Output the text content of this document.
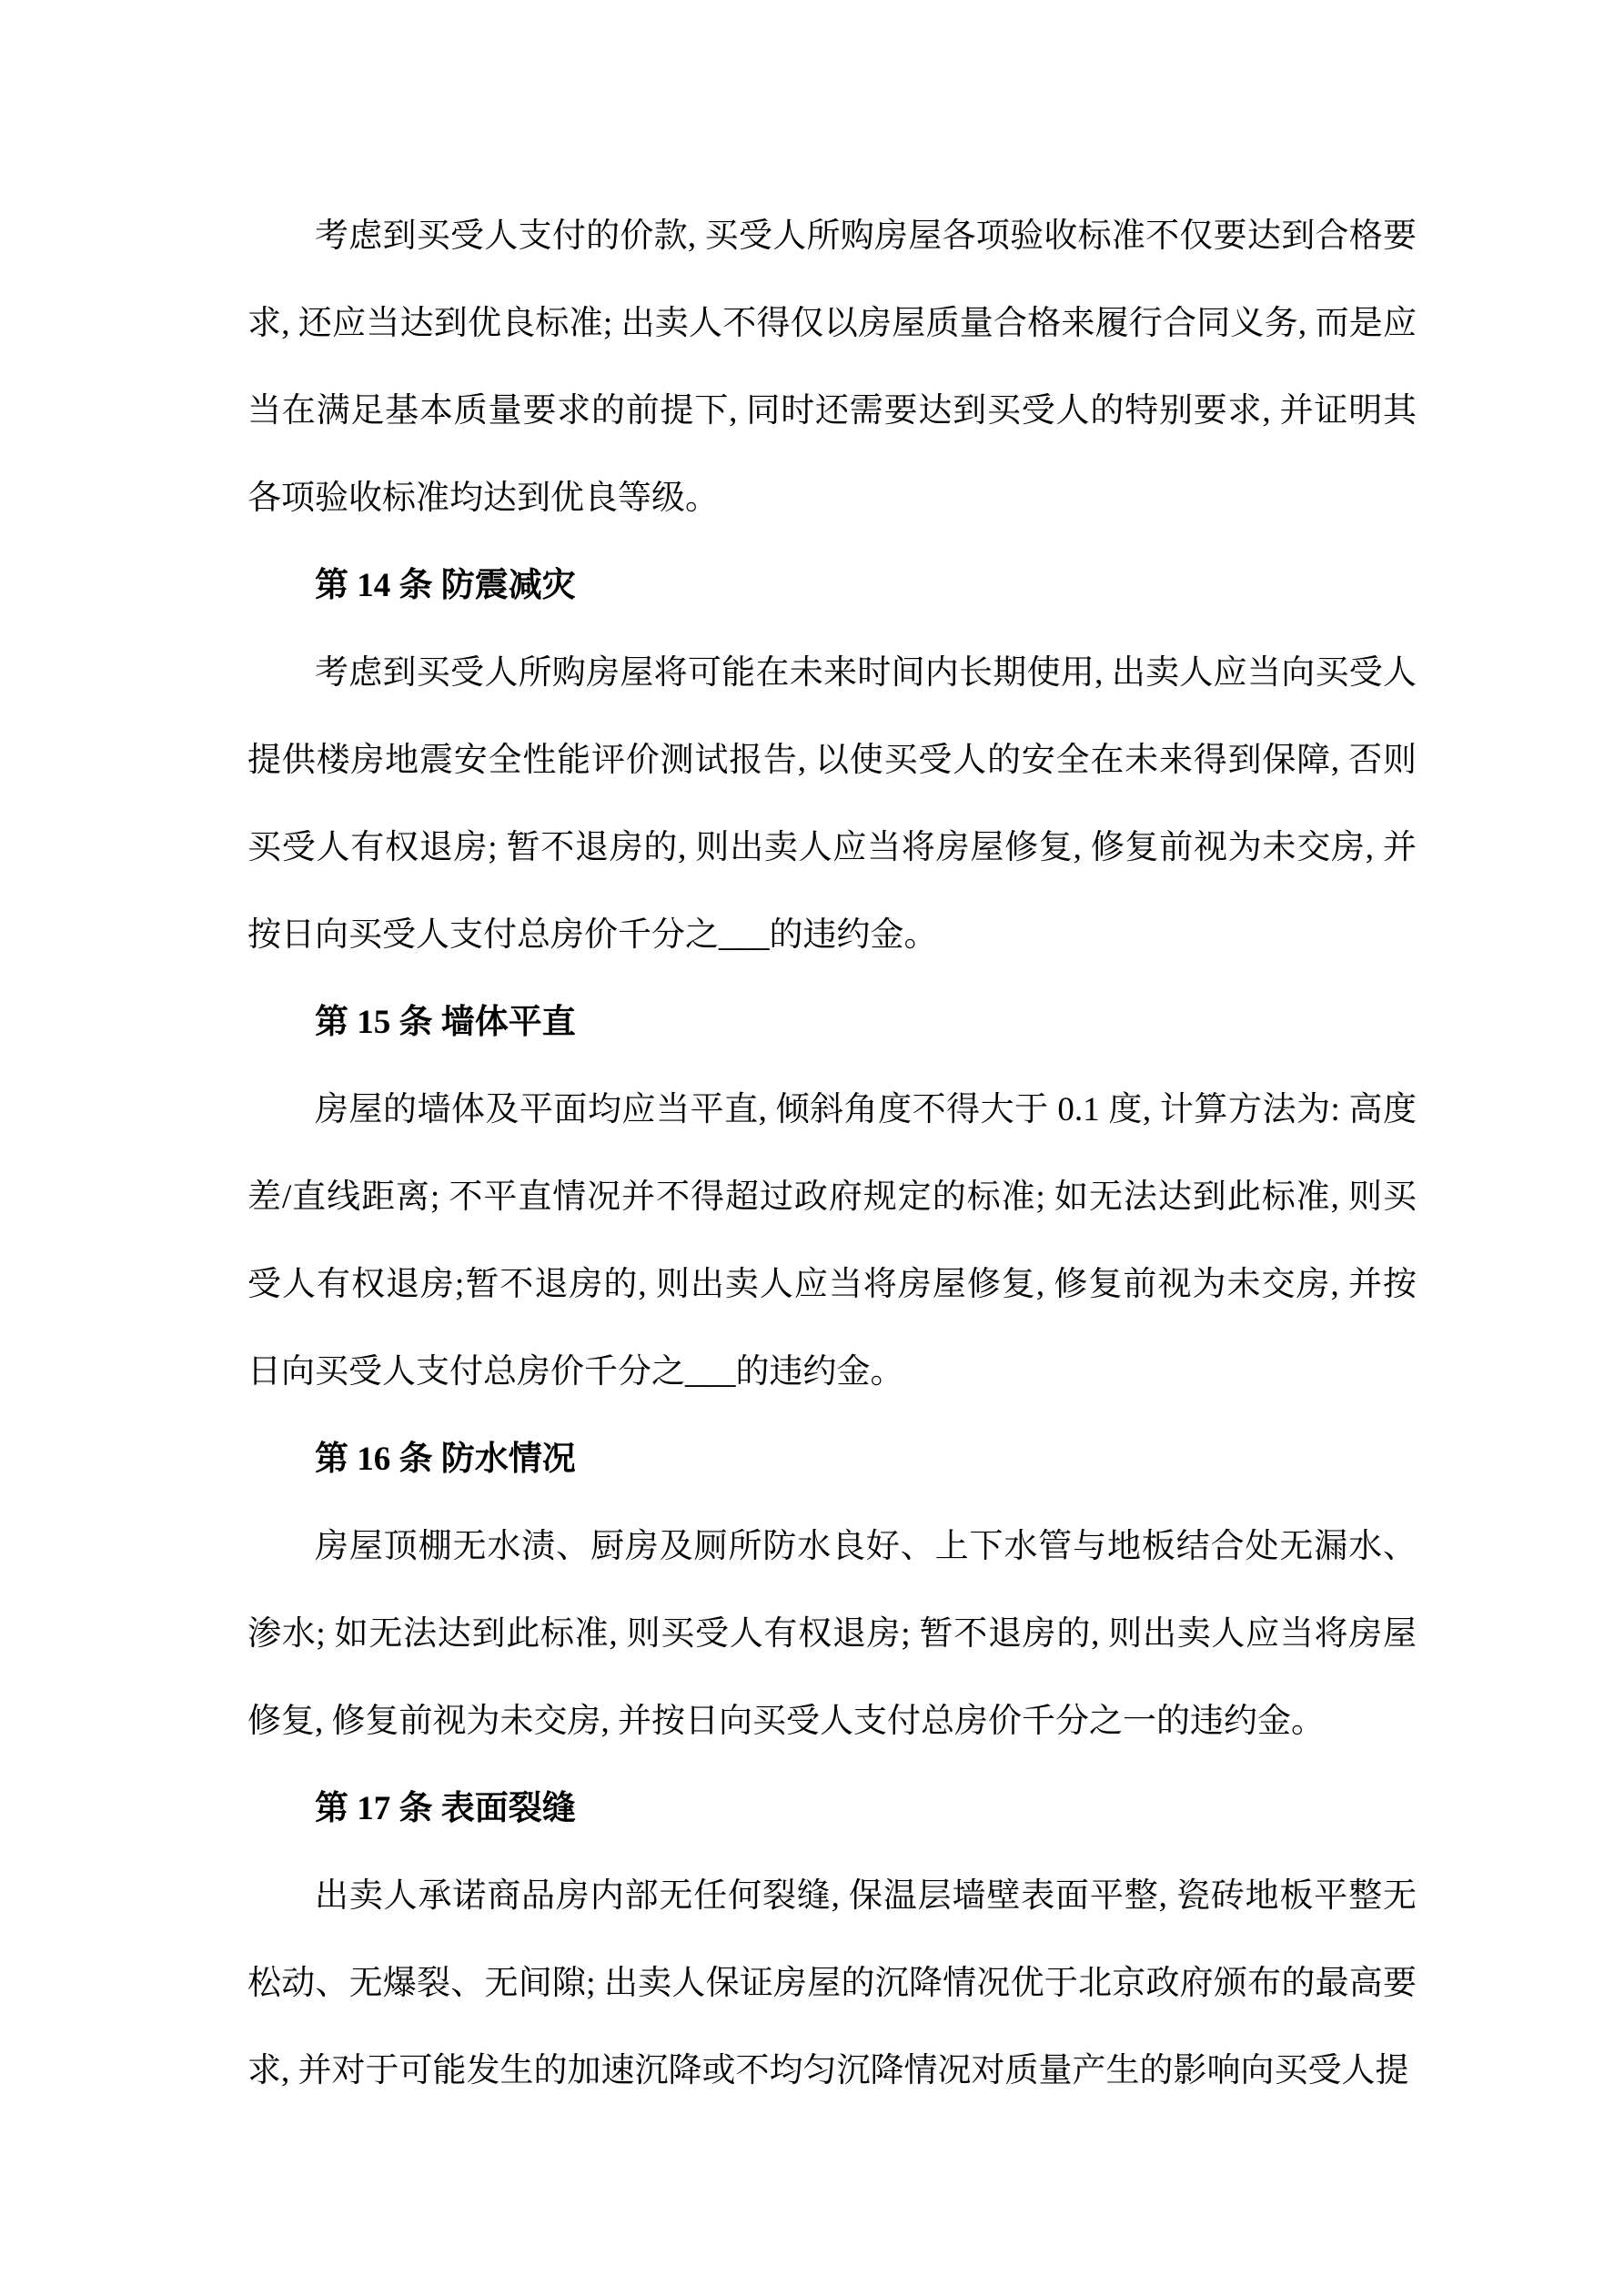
考虑到买受人支付的价款, 买受人所购房屋各项验收标准不仅要达到合格要求, 还应当达到优良标准; 出卖人不得仅以房屋质量合格来履行合同义务, 而是应当在满足基本质量要求的前提下, 同时还需要达到买受人的特别要求, 并证明其各项验收标准均达到优良等级。

第 14 条 防震减灾

考虑到买受人所购房屋将可能在未来时间内长期使用, 出卖人应当向买受人提供楼房地震安全性能评价测试报告, 以使买受人的安全在未来得到保障, 否则买受人有权退房; 暂不退房的, 则出卖人应当将房屋修复, 修复前视为未交房, 并按日向买受人支付总房价千分之___的违约金。

第 15 条 墙体平直

房屋的墙体及平面均应当平直, 倾斜角度不得大于 0.1 度, 计算方法为: 高度差/直线距离; 不平直情况并不得超过政府规定的标准; 如无法达到此标准, 则买受人有权退房;暂不退房的, 则出卖人应当将房屋修复, 修复前视为未交房, 并按日向买受人支付总房价千分之___的违约金。

第 16 条 防水情况

房屋顶棚无水渍、厨房及厕所防水良好、上下水管与地板结合处无漏水、渗水; 如无法达到此标准, 则买受人有权退房; 暂不退房的, 则出卖人应当将房屋修复, 修复前视为未交房, 并按日向买受人支付总房价千分之一的违约金。

第 17 条 表面裂缝

出卖人承诺商品房内部无任何裂缝, 保温层墙壁表面平整, 瓷砖地板平整无松动、无爆裂、无间隙; 出卖人保证房屋的沉降情况优于北京政府颁布的最高要求, 并对于可能发生的加速沉降或不均匀沉降情况对质量产生的影响向买受人提
